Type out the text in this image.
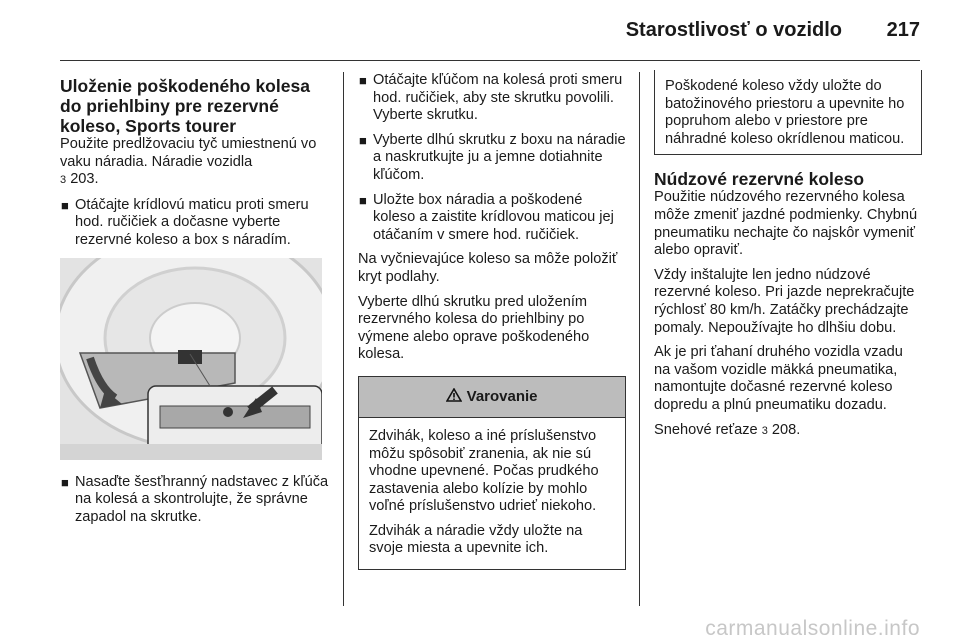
Starostlivosť o vozidlo 217
Uloženie poškodeného kolesa do priehlbiny pre rezervné koleso, Sports tourer

Použite predlžovaciu tyč umiestnenú vo vaku náradia. Náradie vozidla
3 203.

■ Otáčajte krídlovú maticu proti smeru hod. ručičiek a dočasne vyberte rezervné koleso a box s náradím.
■ Nasaďte šesťhranný nadstavec z kľúča na kolesá a skontrolujte, že správne zapadol na skrutke.
■ Otáčajte kľúčom na kolesá proti smeru hod. ručičiek, aby ste skrutku povolili. Vyberte skrutku.
■ Vyberte dlhú skrutku z boxu na náradie a naskrutkujte ju a jemne dotiahnite kľúčom.
■ Uložte box náradia a poškodené koleso a zaistite krídlovou maticou jej otáčaním v smere hod. ručičiek.

Na vyčnievajúce koleso sa môže položiť kryt podlahy.

Vyberte dlhú skrutku pred uložením rezervného kolesa do priehlbiny po výmene alebo oprave poškodeného kolesa.

Varovanie

Zdvihák, koleso a iné príslušenstvo môžu spôsobiť zranenia, ak nie sú vhodne upevnené. Počas prudkého zastavenia alebo kolízie by mohlo voľné príslušenstvo udrieť niekoho.

Zdvihák a náradie vždy uložte na svoje miesta a upevnite ich.

Poškodené koleso vždy uložte do batožinového priestoru a upevnite ho popruhom alebo v priestore pre náhradné koleso okrídlenou maticou.
Núdzové rezervné koleso

Použitie núdzového rezervného kolesa môže zmeniť jazdné podmienky. Chybnú pneumatiku nechajte čo najskôr vymeniť alebo opraviť.

Vždy inštalujte len jedno núdzové rezervné koleso. Pri jazde neprekračujte rýchlosť 80 km/h. Zatáčky prechádzajte pomaly. Nepoužívajte ho dlhšiu dobu.

Ak je pri ťahaní druhého vozidla vzadu na vašom vozidle mäkká pneumatika, namontujte dočasné rezervné koleso dopredu a plnú pneumatiku dozadu.

Snehové reťaze 3 208.

carmanualsonline.info
